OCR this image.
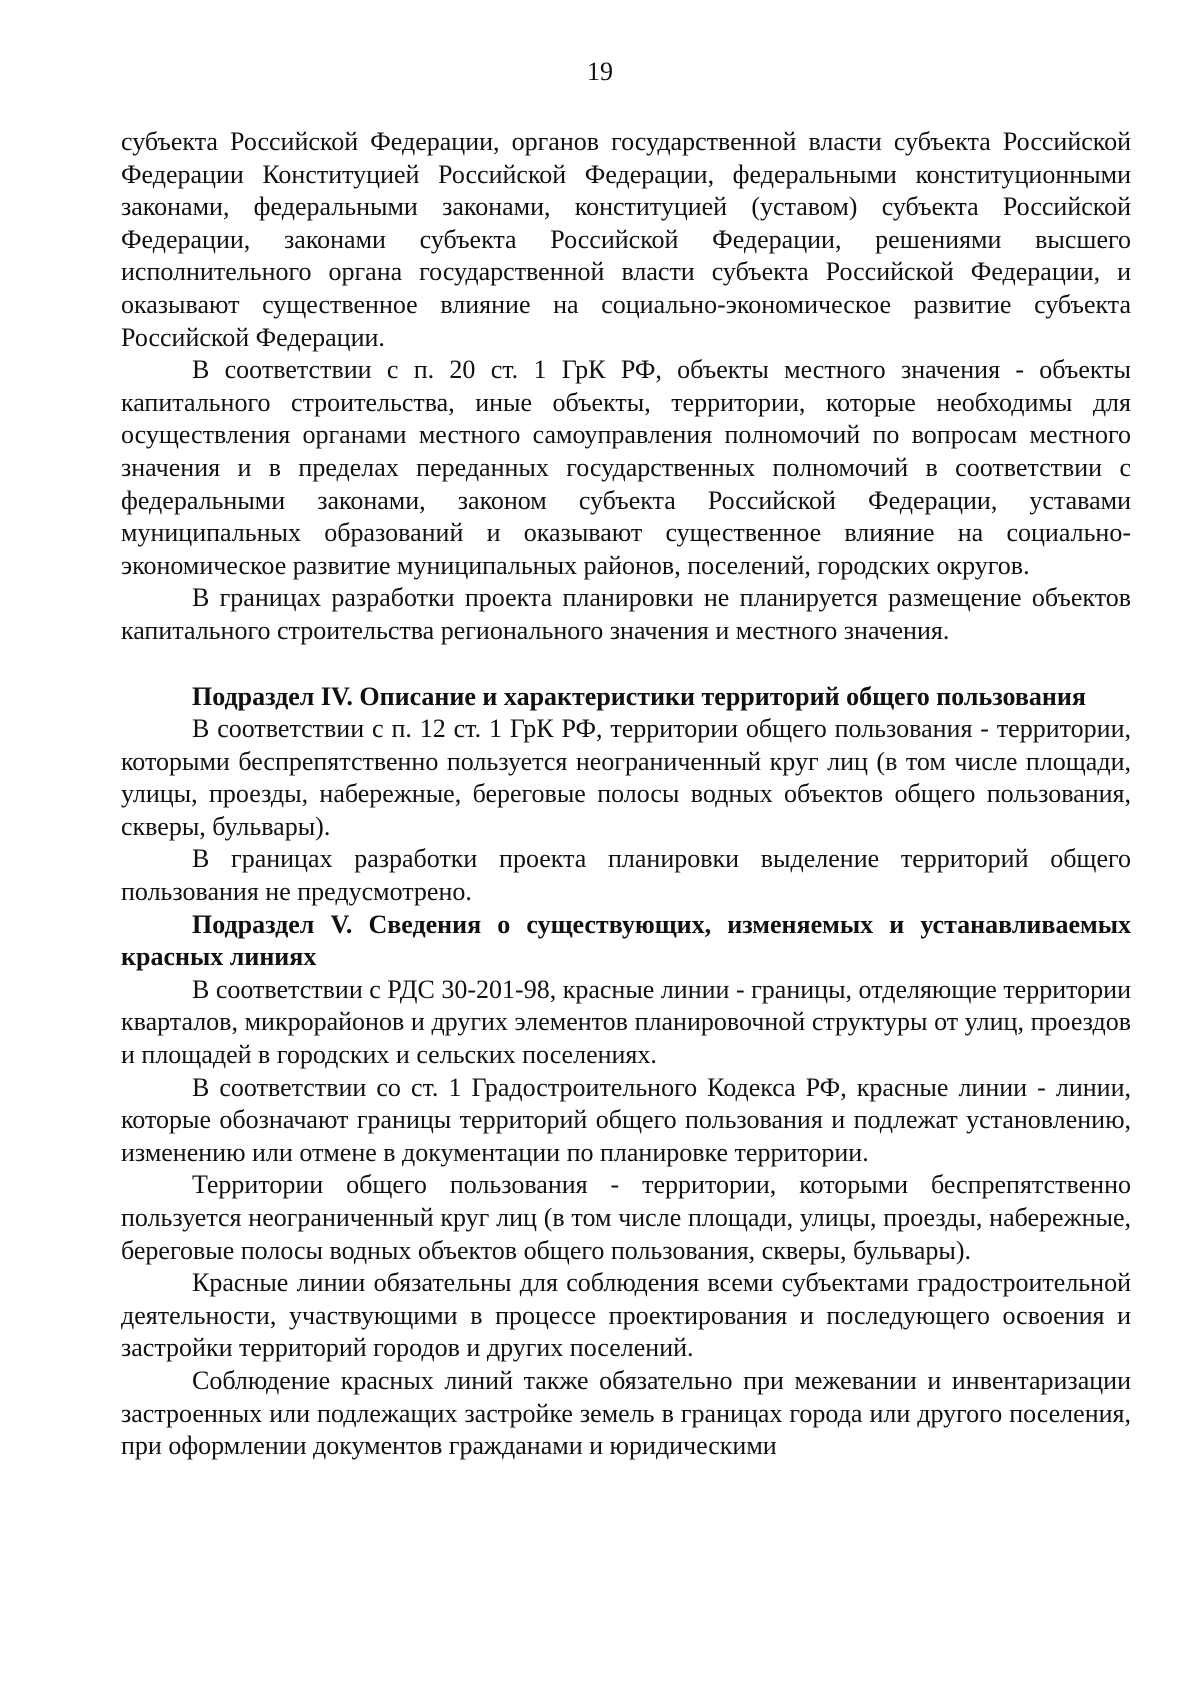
19

субъекта Российской Федерации, органов государственной власти субъекта Российской Федерации Конституцией Российской Федерации, федеральными конституционными законами, федеральными законами, конституцией (уставом) субъекта Российской Федерации, законами субъекта Российской Федерации, решениями высшего исполнительного органа государственной власти субъекта Российской Федерации, и оказывают существенное влияние на социально-экономическое развитие субъекта Российской Федерации.

В соответствии с п. 20 ст. 1 ГрК РФ, объекты местного значения - объекты капитального строительства, иные объекты, территории, которые необходимы для осуществления органами местного самоуправления полномочий по вопросам местного значения и в пределах переданных государственных полномочий в соответствии с федеральными законами, законом субъекта Российской Федерации, уставами муниципальных образований и оказывают существенное влияние на социально-экономическое развитие муниципальных районов, поселений, городских округов.

В границах разработки проекта планировки не планируется размещение объектов капитального строительства регионального значения и местного значения.

Подраздел IV. Описание и характеристики территорий общего пользования

В соответствии с п. 12 ст. 1 ГрК РФ, территории общего пользования - территории, которыми беспрепятственно пользуется неограниченный круг лиц (в том числе площади, улицы, проезды, набережные, береговые полосы водных объектов общего пользования, скверы, бульвары).

В границах разработки проекта планировки выделение территорий общего пользования не предусмотрено.

Подраздел V. Сведения о существующих, изменяемых и устанавливаемых красных линиях

В соответствии с РДС 30-201-98, красные линии - границы, отделяющие территории кварталов, микрорайонов и других элементов планировочной структуры от улиц, проездов и площадей в городских и сельских поселениях.

В соответствии со ст. 1 Градостроительного Кодекса РФ, красные линии - линии, которые обозначают границы территорий общего пользования и подлежат установлению, изменению или отмене в документации по планировке территории.

Территории общего пользования - территории, которыми беспрепятственно пользуется неограниченный круг лиц (в том числе площади, улицы, проезды, набережные, береговые полосы водных объектов общего пользования, скверы, бульвары).

Красные линии обязательны для соблюдения всеми субъектами градостроительной деятельности, участвующими в процессе проектирования и последующего освоения и застройки территорий городов и других поселений.

Соблюдение красных линий также обязательно при межевании и инвентаризации застроенных или подлежащих застройке земель в границах города или другого поселения, при оформлении документов гражданами и юридическими
